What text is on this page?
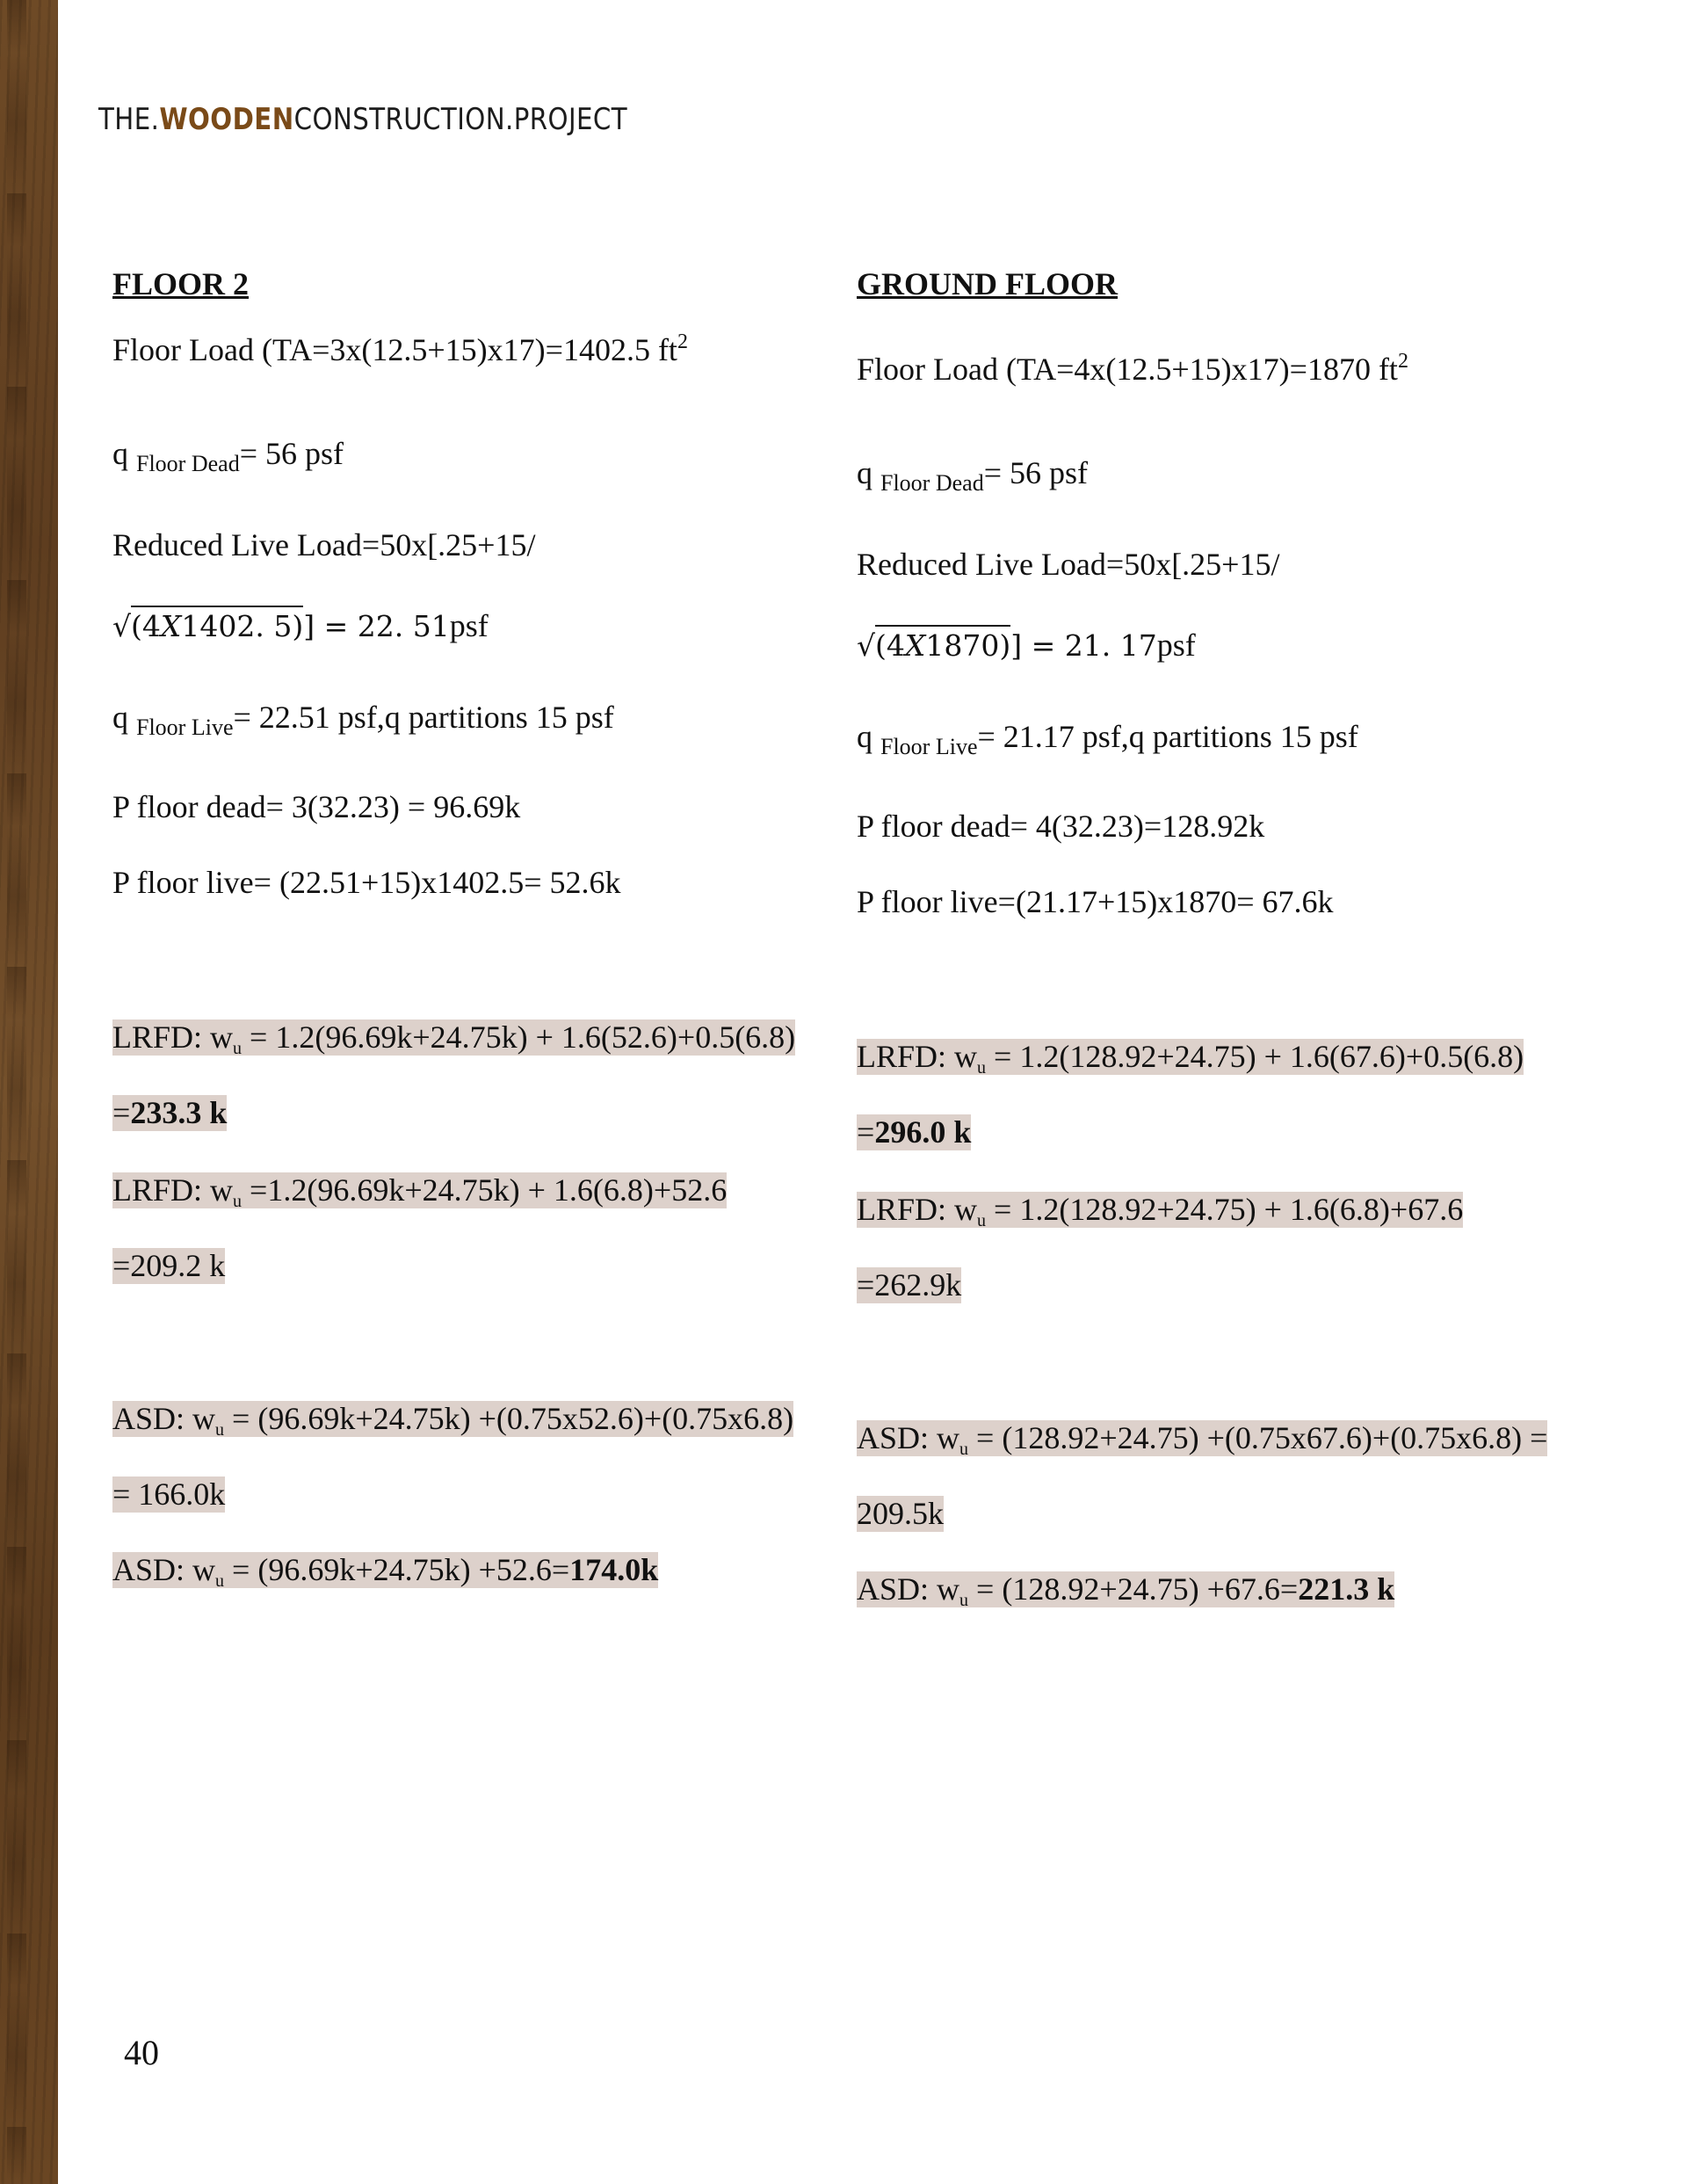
THE.WOODENCONSTRUCTION.PROJECT
FLOOR 2
Floor Load (TA=3x(12.5+15)x17)=1402.5 $ft^2$
q $_{Floor Dead}$= 56 psf
Reduced Live Load=50x[.25+15/
√(4X1402. 5)] = 22. 51psf
q $_{Floor Live}$= 22.51 psf,q partitions 15 psf
P floor dead= 3(32.23) = 96.69k
P floor live= (22.51+15)x1402.5= 52.6k
LRFD: wu = 1.2(96.69k+24.75k) + 1.6(52.6)+0.5(6.8)
=233.3 k
LRFD: wu =1.2(96.69k+24.75k) + 1.6(6.8)+52.6
=209.2 k
ASD: wu = (96.69k+24.75k) +(0.75x52.6)+(0.75x6.8)
= 166.0k
ASD: wu = (96.69k+24.75k) +52.6=174.0k
GROUND FLOOR
Floor Load (TA=4x(12.5+15)x17)=1870 $ft^2$
q $_{Floor Dead}$= 56 psf
Reduced Live Load=50x[.25+15/
√(4X1870)] = 21. 17psf
q $_{Floor Live}$= 21.17 psf,q partitions 15 psf
P floor dead= 4(32.23)=128.92k
P floor live=(21.17+15)x1870= 67.6k
LRFD: wu = 1.2(128.92+24.75) + 1.6(67.6)+0.5(6.8)
=296.0 k
LRFD: wu = 1.2(128.92+24.75) + 1.6(6.8)+67.6
=262.9k
ASD: wu = (128.92+24.75) +(0.75x67.6)+(0.75x6.8) =
209.5k
ASD: wu = (128.92+24.75) +67.6=221.3 k
40
